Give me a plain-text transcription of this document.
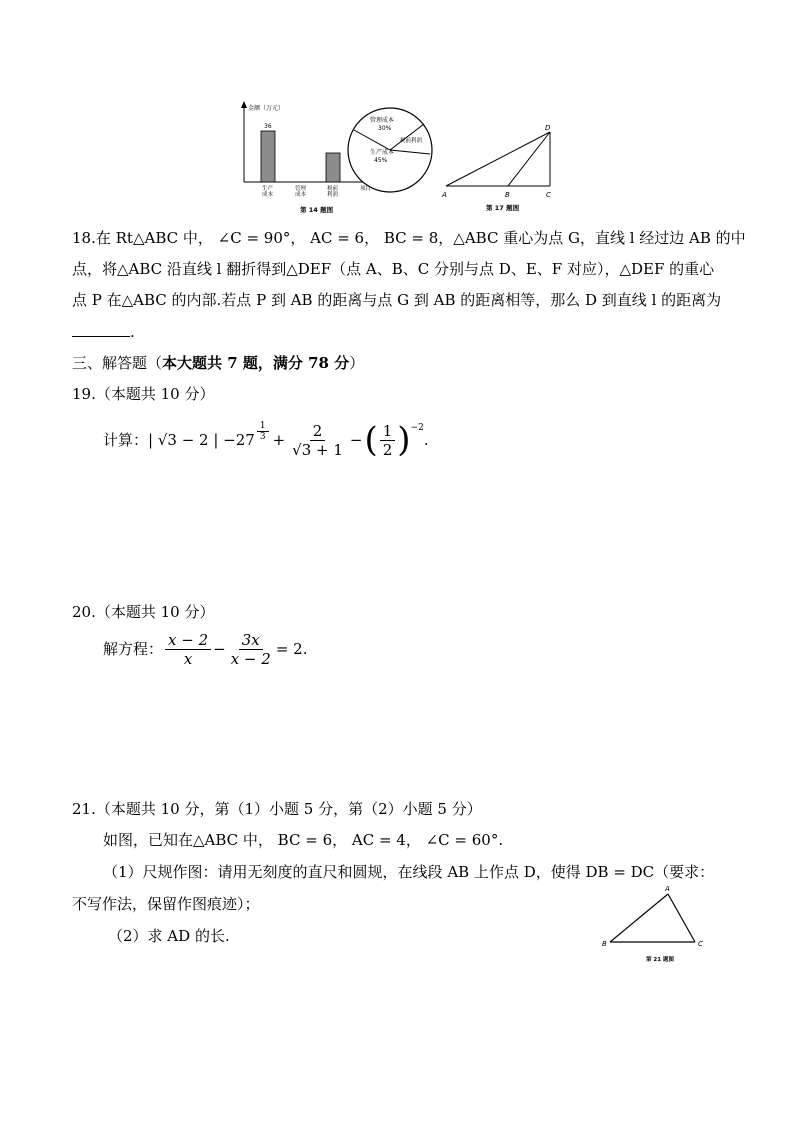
金额（万元）
36
生产成本
管理成本
税前利润
项目
第 14 题图
管理成本
30%
税前利润
生产成本
45%
A	B	C
D
第 17 题图
18.在 Rt△ABC 中， ∠C = 90°， AC = 6， BC = 8，△ABC 重心为点 G，直线 l 经过边 AB 的中
点，将△ABC 沿直线 l 翻折得到△DEF（点 A、B、C 分别与点 D、E、F 对应），△DEF 的重心
点 P 在△ABC 的内部.若点 P 到 AB 的距离与点 G 到 AB 的距离相等，那么 D 到直线 l 的距离为
.
三、解答题（本大题共 7 题，满分 78 分）
19.（本题共 10 分）
计算： | √3 − 2 | $-27 \frac{1}{3} + \frac{2}{√3 + 1}$ − ( $\frac{1}{2}$ ) −2
.
20.（本题共 10 分）
解方程： $\frac{x - 2}{x} - \frac{3x}{x - 2} = 2$.
21.（本题共 10 分，第（1）小题 5 分，第（2）小题 5 分）
如图，已知在△ABC 中， BC = 6， AC = 4， ∠C = 60°.
（1）尺规作图：请用无刻度的直尺和圆规，在线段 AB 上作点 D，使得 DB = DC（要求：
不写作法，保留作图痕迹）；
（2）求 AD 的长.
A
B	C
第 21 题图
